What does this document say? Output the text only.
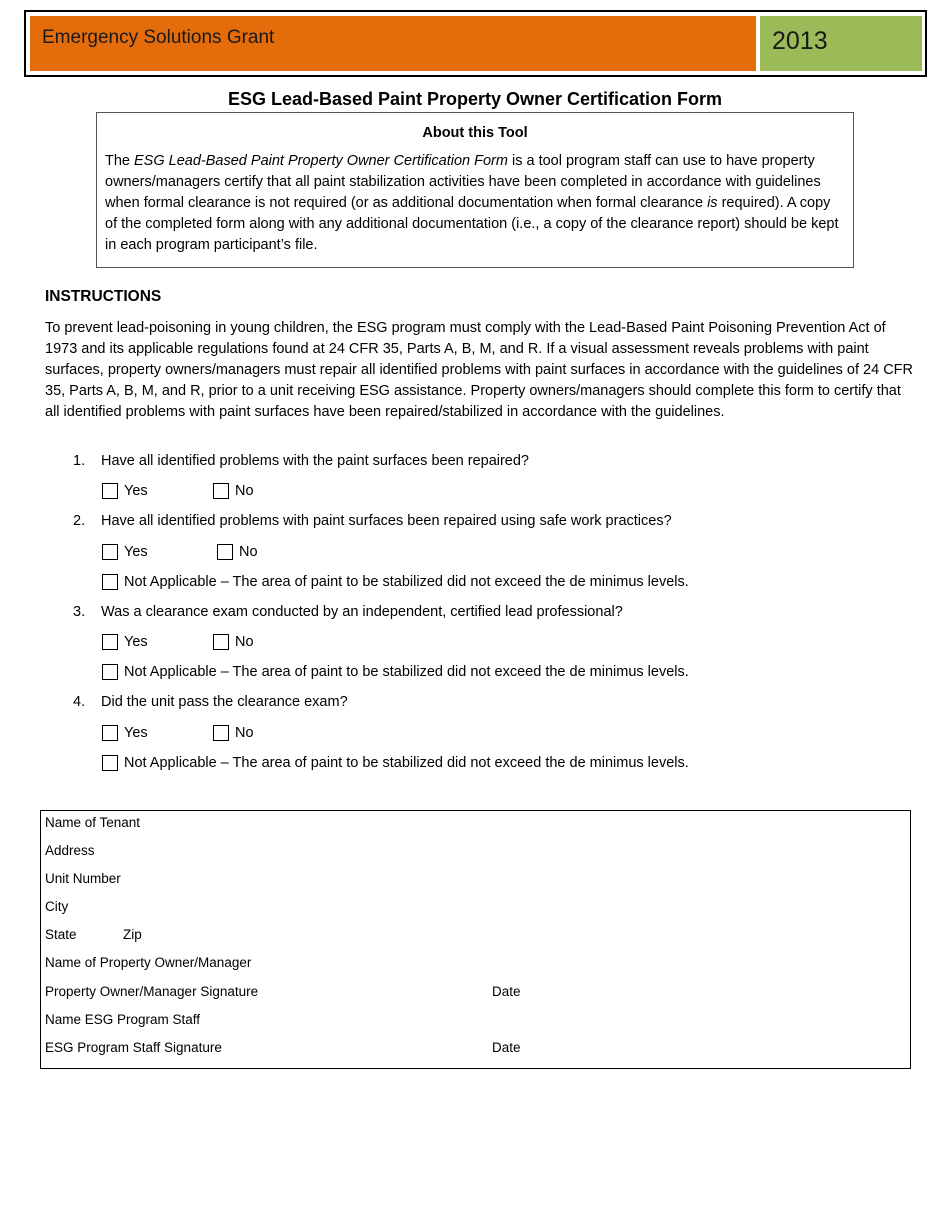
Emergency Solutions Grant	2013
ESG Lead-Based Paint Property Owner Certification Form
About this Tool
The ESG Lead-Based Paint Property Owner Certification Form is a tool program staff can use to have property owners/managers certify that all paint stabilization activities have been completed in accordance with guidelines when formal clearance is not required (or as additional documentation when formal clearance is required). A copy of the completed form along with any additional documentation (i.e., a copy of the clearance report) should be kept in each program participant’s file.
INSTRUCTIONS
To prevent lead-poisoning in young children, the ESG program must comply with the Lead-Based Paint Poisoning Prevention Act of 1973 and its applicable regulations found at 24 CFR 35, Parts A, B, M, and R. If a visual assessment reveals problems with paint surfaces, property owners/managers must repair all identified problems with paint surfaces in accordance with the guidelines of 24 CFR 35, Parts A, B, M, and R, prior to a unit receiving ESG assistance. Property owners/managers should complete this form to certify that all identified problems with paint surfaces have been repaired/stabilized in accordance with the guidelines.
1. Have all identified problems with the paint surfaces been repaired?
Yes	No
2. Have all identified problems with paint surfaces been repaired using safe work practices?
Yes	No
Not Applicable – The area of paint to be stabilized did not exceed the de minimus levels.
3. Was a clearance exam conducted by an independent, certified lead professional?
Yes	No
Not Applicable – The area of paint to be stabilized did not exceed the de minimus levels.
4. Did the unit pass the clearance exam?
Yes	No
Not Applicable – The area of paint to be stabilized did not exceed the de minimus levels.
Name of Tenant
Address
Unit Number
City
State	Zip
Name of Property Owner/Manager
Property Owner/Manager Signature	Date
Name ESG Program Staff
ESG Program Staff Signature	Date
